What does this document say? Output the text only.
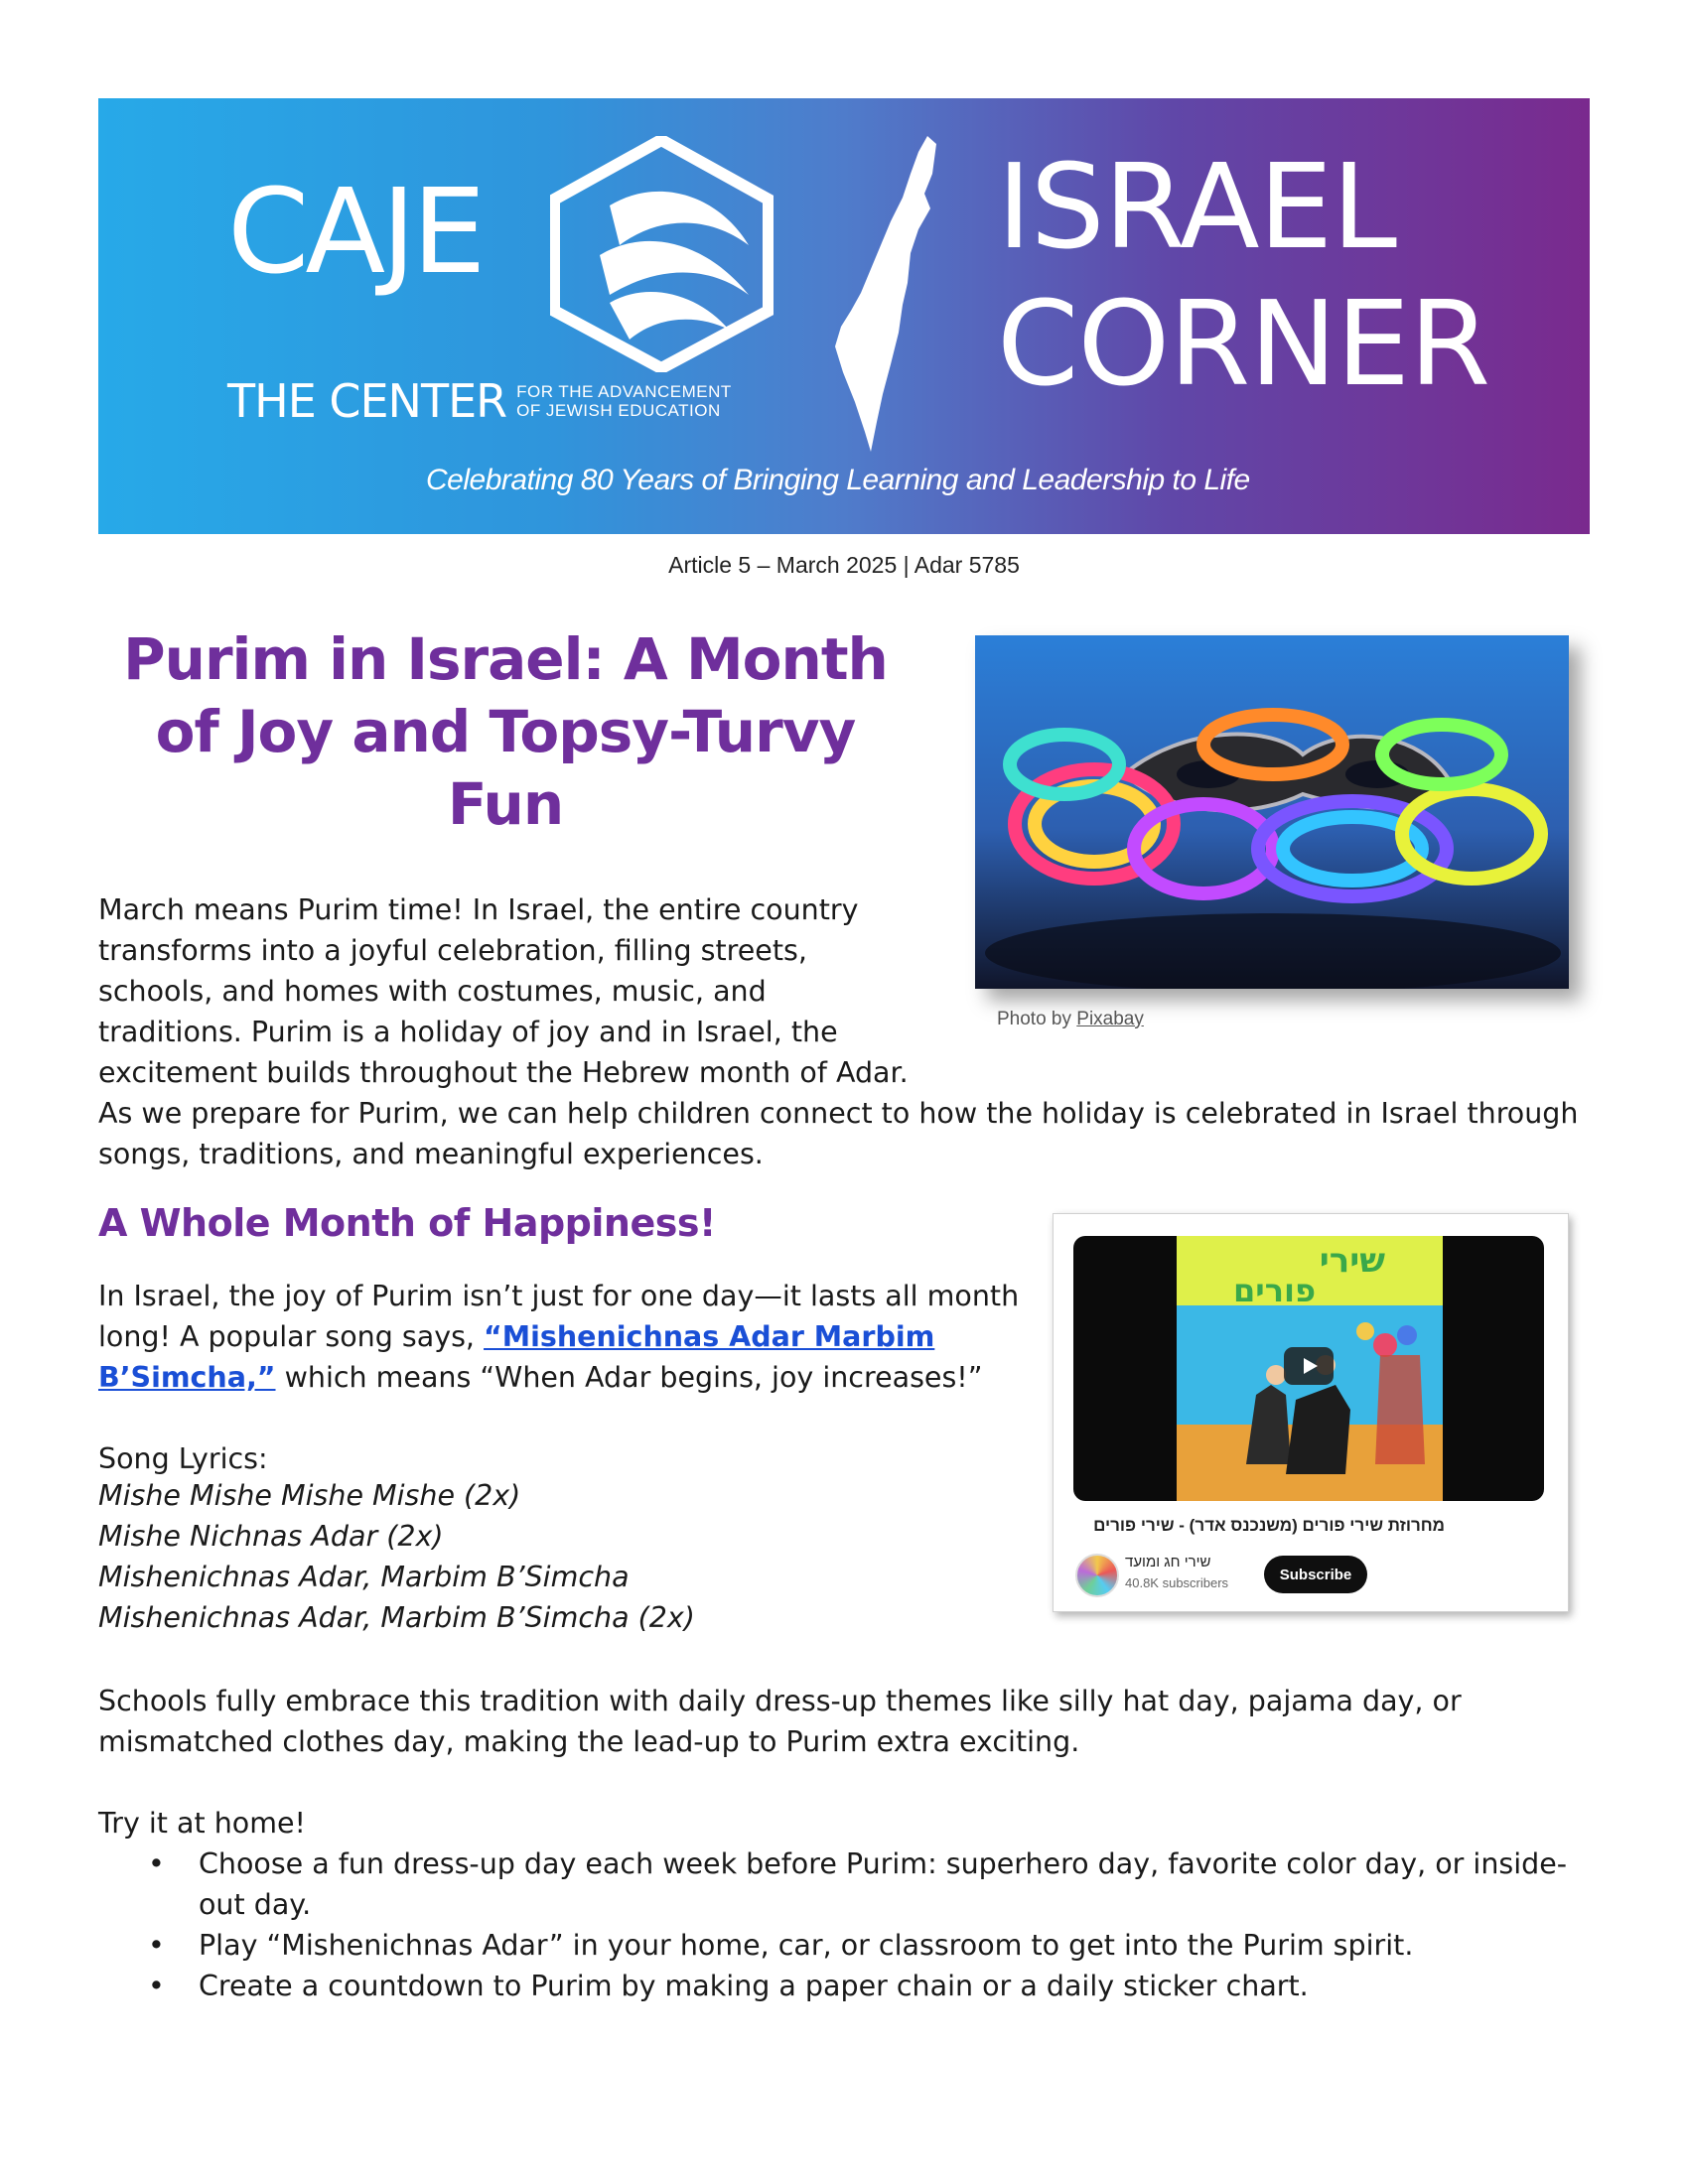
CAJE
THE CENTER FOR THE ADVANCEMENT
OF JEWISH EDUCATION
ISRAEL
CORNER
Celebrating 80 Years of Bringing Learning and Leadership to Life
Article 5 – March 2025 | Adar 5785
Purim in Israel: A Month of Joy and Topsy-Turvy Fun
Photo by Pixabay
March means Purim time! In Israel, the entire country transforms into a joyful celebration, filling streets, schools, and homes with costumes, music, and traditions. Purim is a holiday of joy and in Israel, the excitement builds throughout the Hebrew month of Adar.
As we prepare for Purim, we can help children connect to how the holiday is celebrated in Israel through songs, traditions, and meaningful experiences.
A Whole Month of Happiness!
In Israel, the joy of Purim isn’t just for one day—it lasts all month long! A popular song says, “Mishenichnas Adar Marbim B’Simcha,” which means “When Adar begins, joy increases!”
Song Lyrics:
Mishe Mishe Mishe Mishe (2x)
Mishe Nichnas Adar (2x)
Mishenichnas Adar, Marbim B’Simcha
Mishenichnas Adar, Marbim B’Simcha (2x)
Schools fully embrace this tradition with daily dress-up themes like silly hat day, pajama day, or mismatched clothes day, making the lead-up to Purim extra exciting.
Try it at home!
• Choose a fun dress-up day each week before Purim: superhero day, favorite color day, or inside-out day.
• Play “Mishenichnas Adar” in your home, car, or classroom to get into the Purim spirit.
• Create a countdown to Purim by making a paper chain or a daily sticker chart.
שירי
פורים
מחרוזת שירי פורים (משנכנס אדר) - שירי פורים
שירי חג ומועד
40.8K subscribers	Subscribe
